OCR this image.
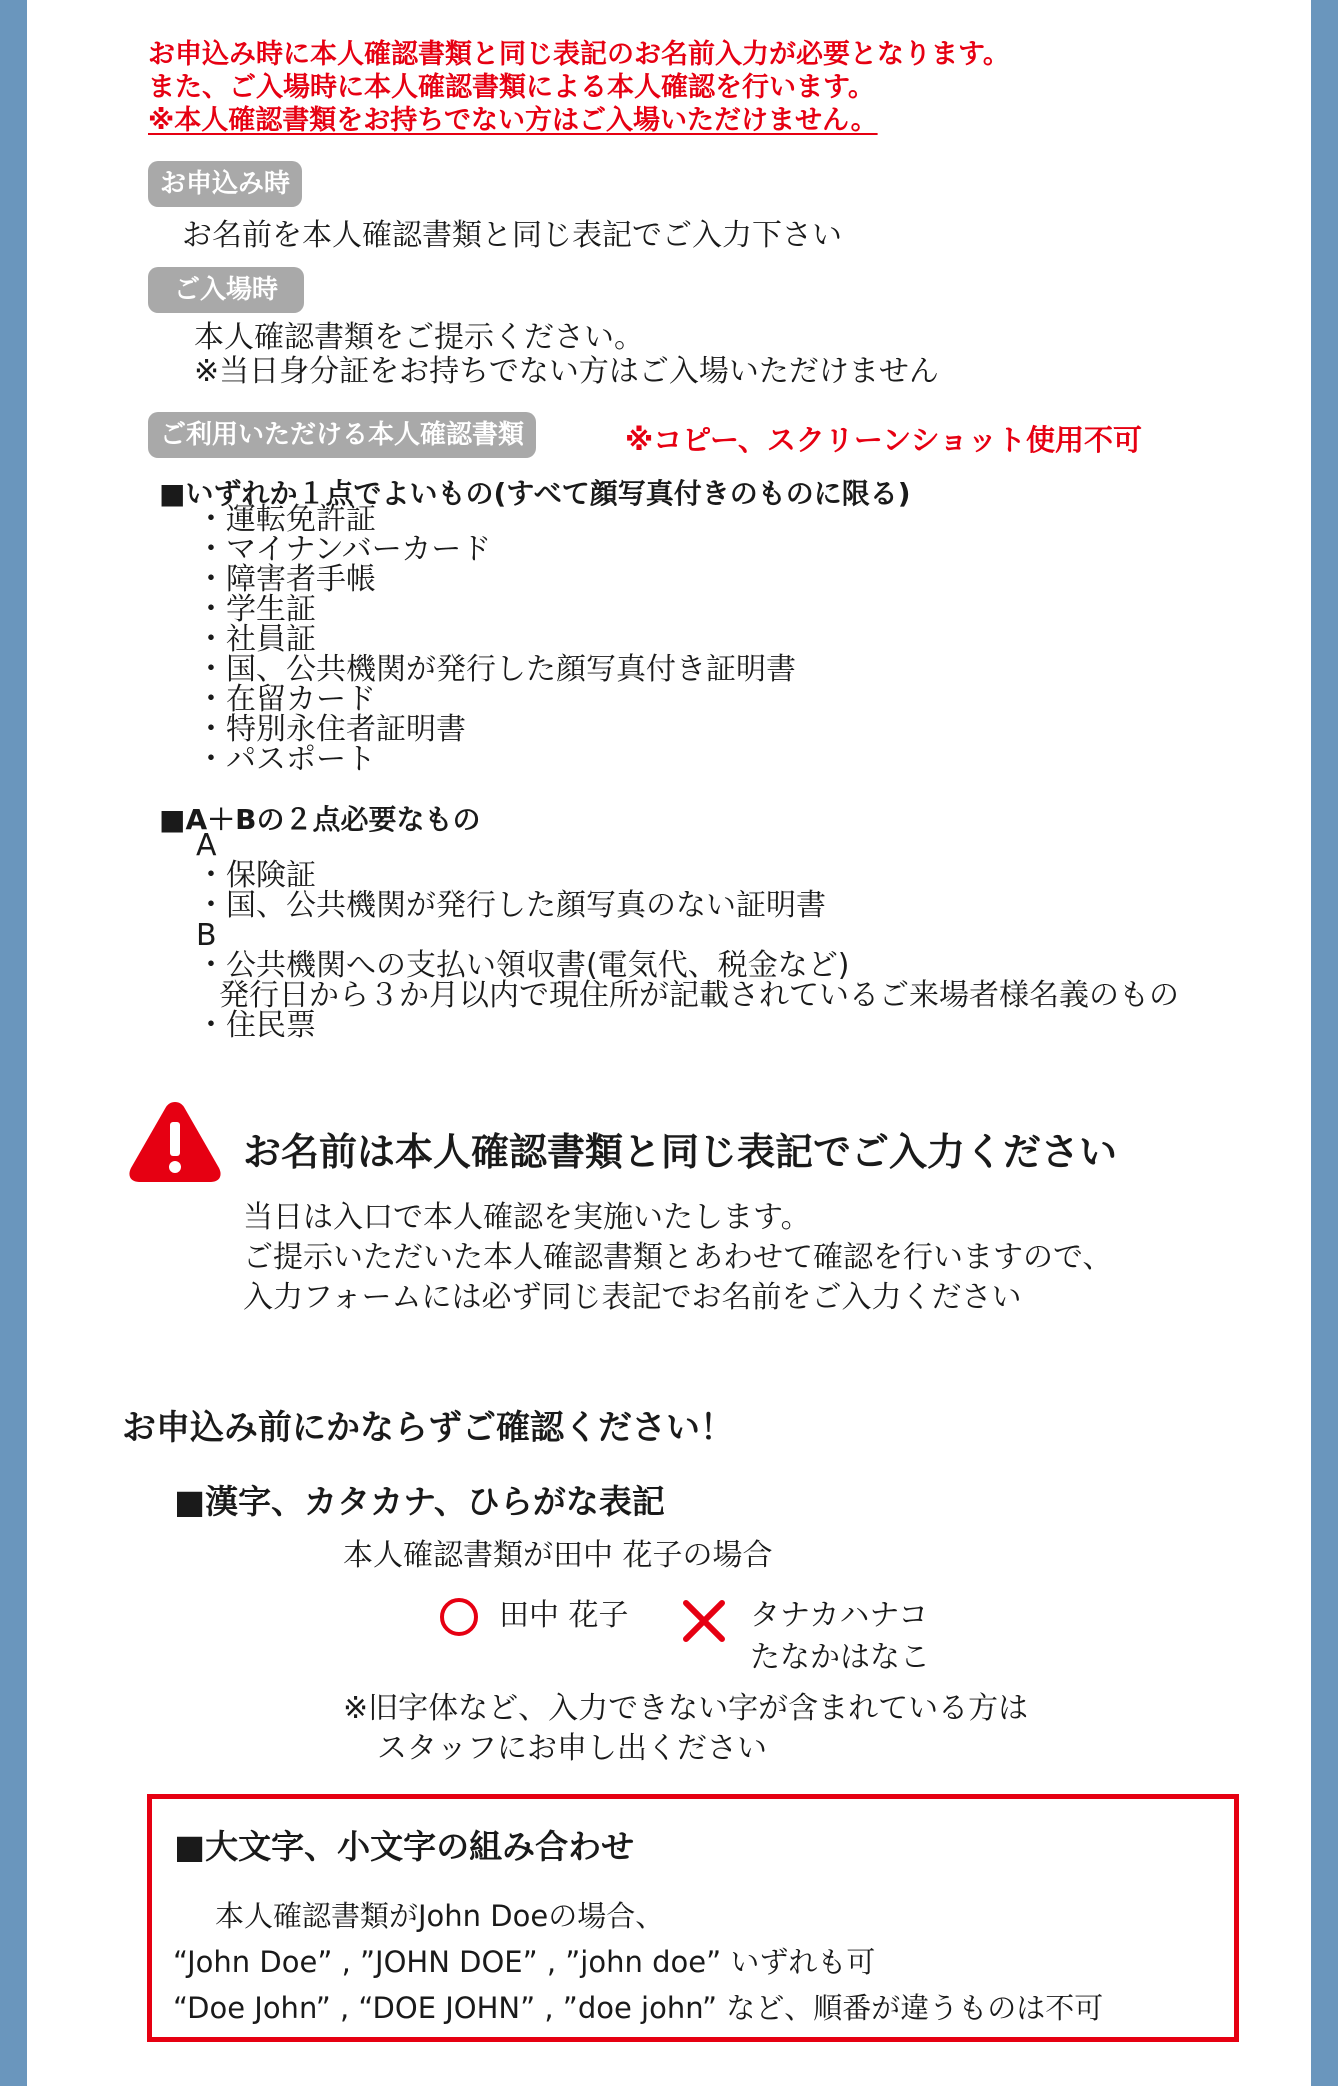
お申込み時に本人確認書類と同じ表記のお名前入力が必要となります。
また、ご入場時に本人確認書類による本人確認を行います。
※本人確認書類をお持ちでない方はご入場いただけません。
お申込み時
お名前を本人確認書類と同じ表記でご入力下さい
ご入場時
本人確認書類をご提示ください。
※当日身分証をお持ちでない方はご入場いただけません
ご利用いただける本人確認書類	※コピー、スクリーンショット使用不可
■いずれか１点でよいもの(すべて顔写真付きのものに限る)
・運転免許証
・マイナンバーカード
・障害者手帳
・学生証
・社員証
・国、公共機関が発行した顔写真付き証明書
・在留カード
・特別永住者証明書
・パスポート
■A＋Bの２点必要なもの
A
・保険証
・国、公共機関が発行した顔写真のない証明書
B
・公共機関への支払い領収書(電気代、税金など)
発行日から３か月以内で現住所が記載されているご来場者様名義のもの
・住民票
お名前は本人確認書類と同じ表記でご入力ください
当日は入口で本人確認を実施いたします。
ご提示いただいた本人確認書類とあわせて確認を行いますので、
入力フォームには必ず同じ表記でお名前をご入力ください
お申込み前にかならずご確認ください！
■漢字、カタカナ、ひらがな表記
本人確認書類が田中 花子の場合
田中 花子	タナカハナコ
たなかはなこ
※旧字体など、入力できない字が含まれている方は
スタッフにお申し出ください
■大文字、小文字の組み合わせ
本人確認書類がJohn Doeの場合、
“John Doe” , ”JOHN DOE” , ”john doe” いずれも可
“Doe John” , “DOE JOHN” , ”doe john” など、順番が違うものは不可
